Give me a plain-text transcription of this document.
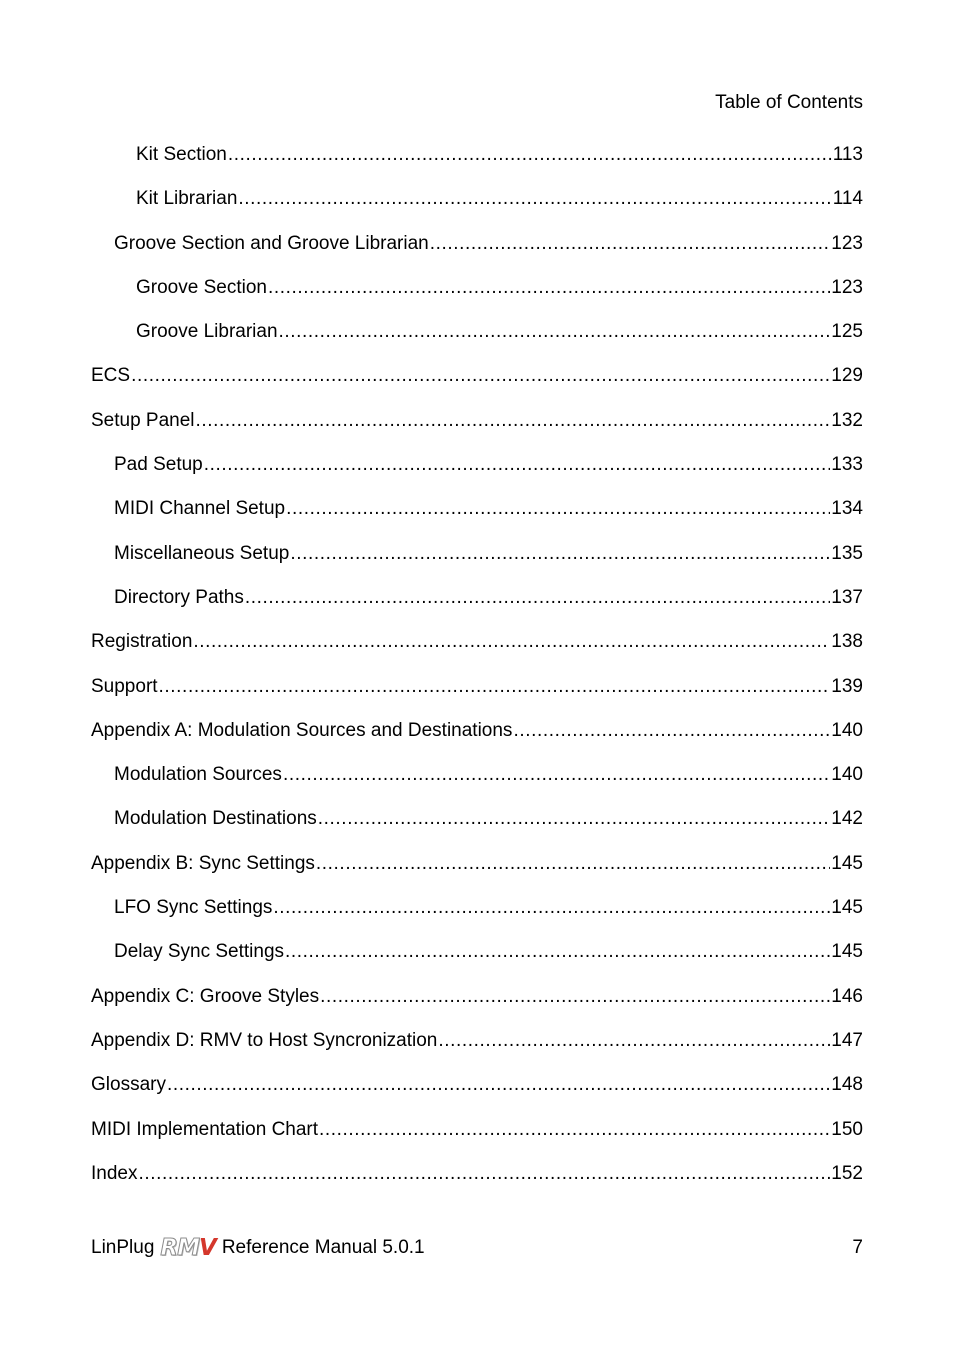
Table of Contents
Kit Section .....	113
Kit Librarian .....	114
Groove Section and Groove Librarian .....	123
Groove Section .....	123
Groove Librarian .....	125
ECS .....	129
Setup Panel .....	132
Pad Setup .....	133
MIDI Channel Setup .....	134
Miscellaneous Setup .....	135
Directory Paths .....	137
Registration .....	138
Support .....	139
Appendix A: Modulation Sources and Destinations .....	140
Modulation Sources .....	140
Modulation Destinations .....	142
Appendix B: Sync Settings .....	145
LFO Sync Settings .....	145
Delay Sync Settings .....	145
Appendix C: Groove Styles .....	146
Appendix D: RMV to Host Syncronization .....	147
Glossary .....	148
MIDI Implementation Chart .....	150
Index .....	152
LinPlug RM V Reference Manual 5.0.1	7
